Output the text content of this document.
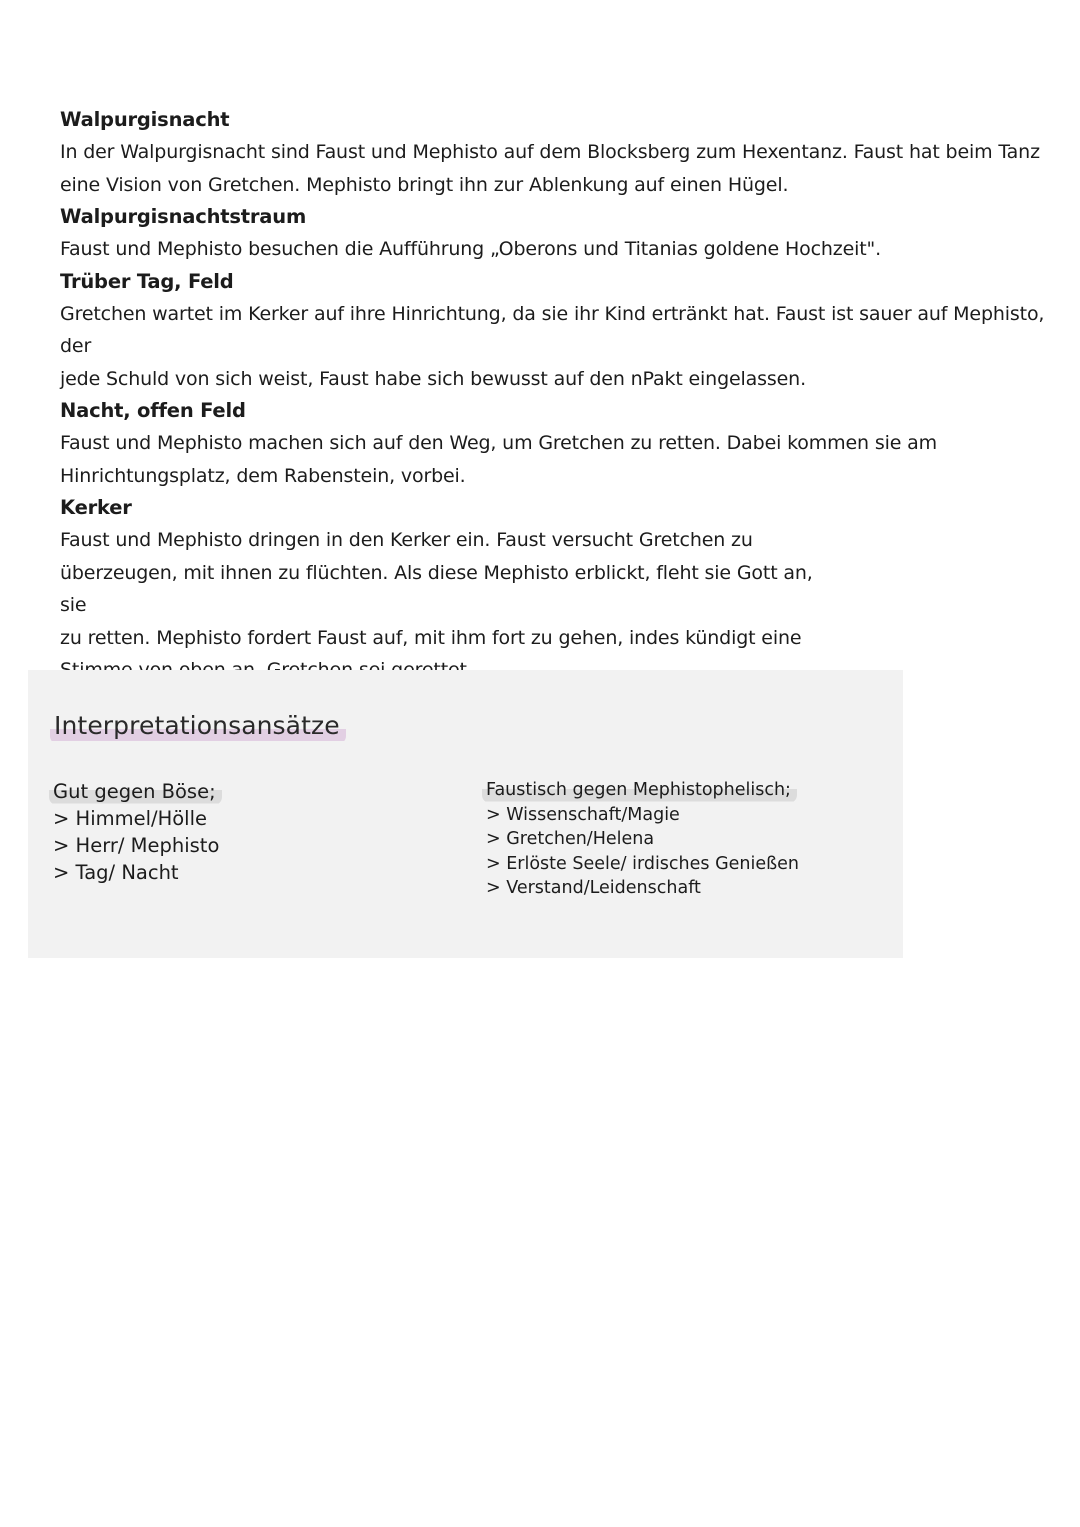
Walpurgisnacht

In der Walpurgisnacht sind Faust und Mephisto auf dem Blocksberg zum Hexentanz. Faust hat beim Tanz
eine Vision von Gretchen. Mephisto bringt ihn zur Ablenkung auf einen Hügel.

Walpurgisnachtstraum

Faust und Mephisto besuchen die Aufführung „Oberons und Titanias goldene Hochzeit".

Trüber Tag, Feld

Gretchen wartet im Kerker auf ihre Hinrichtung, da sie ihr Kind ertränkt hat. Faust ist sauer auf Mephisto, der
jede Schuld von sich weist, Faust habe sich bewusst auf den nPakt eingelassen.

Nacht, offen Feld

Faust und Mephisto machen sich auf den Weg, um Gretchen zu retten. Dabei kommen sie am
Hinrichtungsplatz, dem Rabenstein, vorbei.

Kerker

Faust und Mephisto dringen in den Kerker ein. Faust versucht Gretchen zu
überzeugen, mit ihnen zu flüchten. Als diese Mephisto erblickt, fleht sie Gott an, sie
zu retten. Mephisto fordert Faust auf, mit ihm fort zu gehen, indes kündigt eine

Interpretationsansätze
Gut gegen Böse;
> Himmel/Hölle
> Herr/ Mephisto
> Tag/ Nacht
Faustisch gegen Mephistophelisch;
> Wissenschaft/Magie
> Gretchen/Helena
> Erlöste Seele/ irdisches Genießen
> Verstand/Leidenschaft
